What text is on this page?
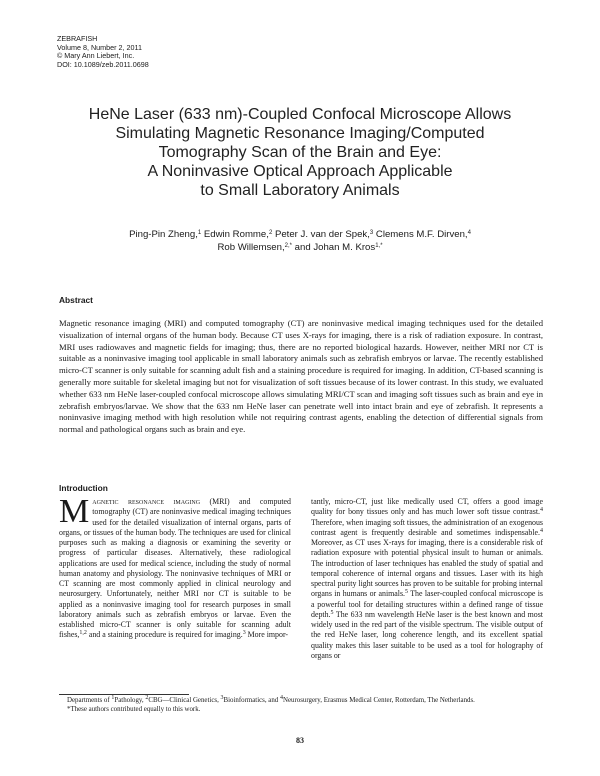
ZEBRAFISH
Volume 8, Number 2, 2011
© Mary Ann Liebert, Inc.
DOI: 10.1089/zeb.2011.0698
HeNe Laser (633 nm)-Coupled Confocal Microscope Allows
Simulating Magnetic Resonance Imaging/Computed
Tomography Scan of the Brain and Eye:
A Noninvasive Optical Approach Applicable
to Small Laboratory Animals
Ping-Pin Zheng,$^1$ Edwin Romme,$^2$ Peter J. van der Spek,$^3$ Clemens M.F. Dirven,$^4$
Rob Willemsen,$^{2,*}$ and Johan M. Kros$^{1,*}$
Abstract
Magnetic resonance imaging (MRI) and computed tomography (CT) are noninvasive medical imaging techniques used for the detailed visualization of internal organs of the human body. Because CT uses X-rays for imaging, there is a risk of radiation exposure. In contrast, MRI uses radiowaves and magnetic fields for imaging; thus, there are no reported biological hazards. However, neither MRI nor CT is suitable as a noninvasive imaging tool applicable in small laboratory animals such as zebrafish embryos or larvae. The recently established micro-CT scanner is only suitable for scanning adult fish and a staining procedure is required for imaging. In addition, CT-based scanning is generally more suitable for skeletal imaging but not for visualization of soft tissues because of its lower contrast. In this study, we evaluated whether 633 nm HeNe laser-coupled confocal microscope allows simulating MRI/CT scan and imaging soft tissues such as brain and eye in zebrafish embryos/larvae. We show that the 633 nm HeNe laser can penetrate well into intact brain and eye of zebrafish. It represents a noninvasive imaging method with high resolution while not requiring contrast agents, enabling the detection of differential signals from normal and pathological organs such as brain and eye.
Introduction
Magnetic resonance imaging (MRI) and computed tomography (CT) are noninvasive medical imaging techniques used for the detailed visualization of internal organs, parts of organs, or tissues of the human body. The techniques are used for clinical purposes such as making a diagnosis or examining the severity or progress of particular diseases. Alternatively, these radiological applications are used for medical science, including the study of normal human anatomy and physiology. The noninvasive techniques of MRI or CT scanning are most commonly applied in clinical neurology and neurosurgery. Unfortunately, neither MRI nor CT is suitable to be applied as a noninvasive imaging tool for research purposes in small laboratory animals such as zebrafish embryos or larvae. Even the established micro-CT scanner is only suitable for scanning adult fishes,$^{1,2}$ and a staining procedure is required for imaging.$^3$ More impor-
tantly, micro-CT, just like medically used CT, offers a good image quality for bony tissues only and has much lower soft tissue contrast.$^4$ Therefore, when imaging soft tissues, the administration of an exogenous contrast agent is frequently desirable and sometimes indispensable.$^4$ Moreover, as CT uses X-rays for imaging, there is a considerable risk of radiation exposure with potential physical insult to human or animals. The introduction of laser techniques has enabled the study of spatial and temporal coherence of internal organs and tissues. Laser with its high spectral purity light sources has proven to be suitable for probing internal organs in humans or animals.$^5$ The laser-coupled confocal microscope is a powerful tool for detailing structures within a defined range of tissue depth.$^5$ The 633 nm wavelength HeNe laser is the best known and most widely used in the red part of the visible spectrum. The visible output of the red HeNe laser, long coherence length, and its excellent spatial quality makes this laser suitable to be used as a tool for holography of organs or
Departments of $^1$Pathology, $^2$CBG—Clinical Genetics, $^3$Bioinformatics, and $^4$Neurosurgery, Erasmus Medical Center, Rotterdam, The Netherlands.
*These authors contributed equally to this work.
83
